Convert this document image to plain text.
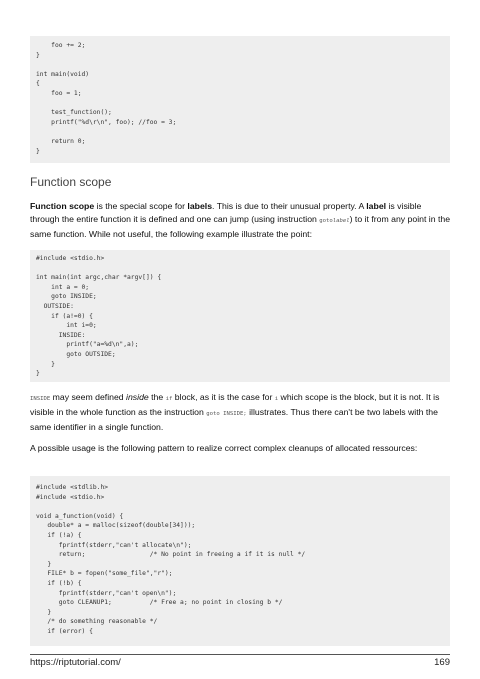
foo += 2;
}

int main(void)
{
foo = 1;

test_function();
printf("%d\r\n", foo); //foo = 3;

return 0;
}
Function scope

Function scope is the special scope for labels. This is due to their unusual property. A label is visible through the entire function it is defined and one can jump (using instruction gotolabel) to it from any point in the same function. While not useful, the following example illustrate the point:

#include <stdio.h>

int main(int argc,char *argv[]) {
int a = 0;
goto INSIDE;
OUTSIDE:
if (a!=0) {
int i=0;
INSIDE:
printf("a=%d\n",a);
goto OUTSIDE;
}
}

INSIDE may seem defined inside the if block, as it is the case for i which scope is the block, but it is not. It is visible in the whole function as the instruction goto INSIDE; illustrates. Thus there can't be two labels with the same identifier in a single function.

A possible usage is the following pattern to realize correct complex cleanups of allocated ressources:

#include <stdlib.h>
#include <stdio.h>

void a_function(void) {
double* a = malloc(sizeof(double[34]));
if (!a) {
fprintf(stderr,"can't allocate\n");
return;                 /* No point in freeing a if it is null */
}
FILE* b = fopen("some_file","r");
if (!b) {
fprintf(stderr,"can't open\n");
goto CLEANUP1;          /* Free a; no point in closing b */
}
/* do something reasonable */
if (error) {
https://riptutorial.com/	169
